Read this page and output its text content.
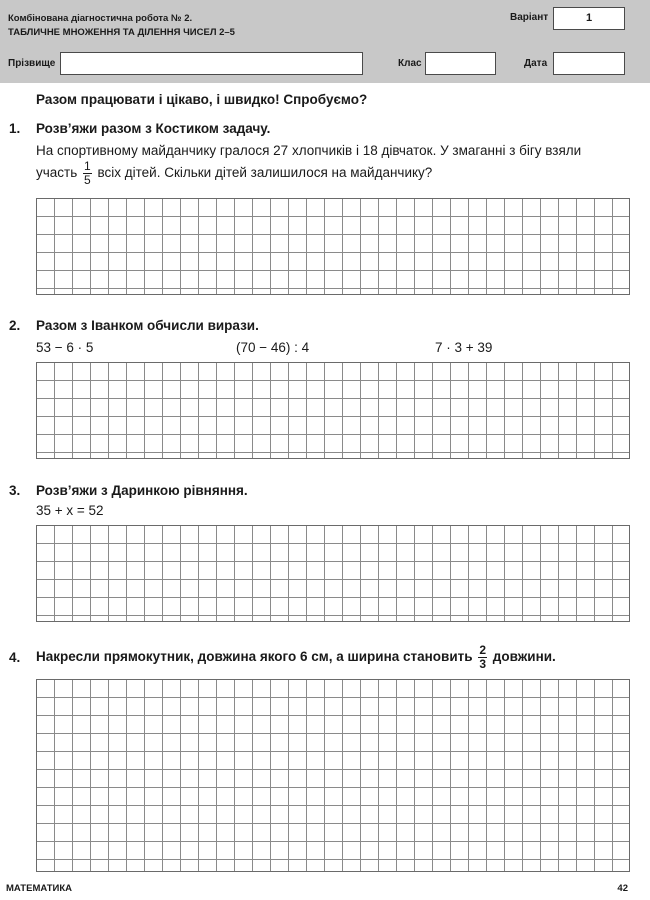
Комбінована діагностична робота № 2.
ТАБЛИЧНЕ МНОЖЕННЯ ТА ДІЛЕННЯ ЧИСЕЛ 2–5
Варіант	1
Прізвище	Клас	Дата
Разом працювати і цікаво, і швидко! Спробуємо?
1. Розв’яжи разом з Костиком задачу.
На спортивному майданчику гралося 27 хлопчиків і 18 дівчаток. У змаганні з бігу взяли
участь $\frac{1}{5}$ всіх дітей. Скільки дітей залишилося на майданчику?
2. Разом з Іванком обчисли вирази.
53 − 6 · 5	(70 − 46) : 4	7 · 3 + 39
3. Розв’яжи з Даринкою рівняння.
35 + x = 52
4. Накресли прямокутник, довжина якого 6 см, а ширина становить $\frac{2}{3}$ довжини.
МАТЕМАТИКА	42
